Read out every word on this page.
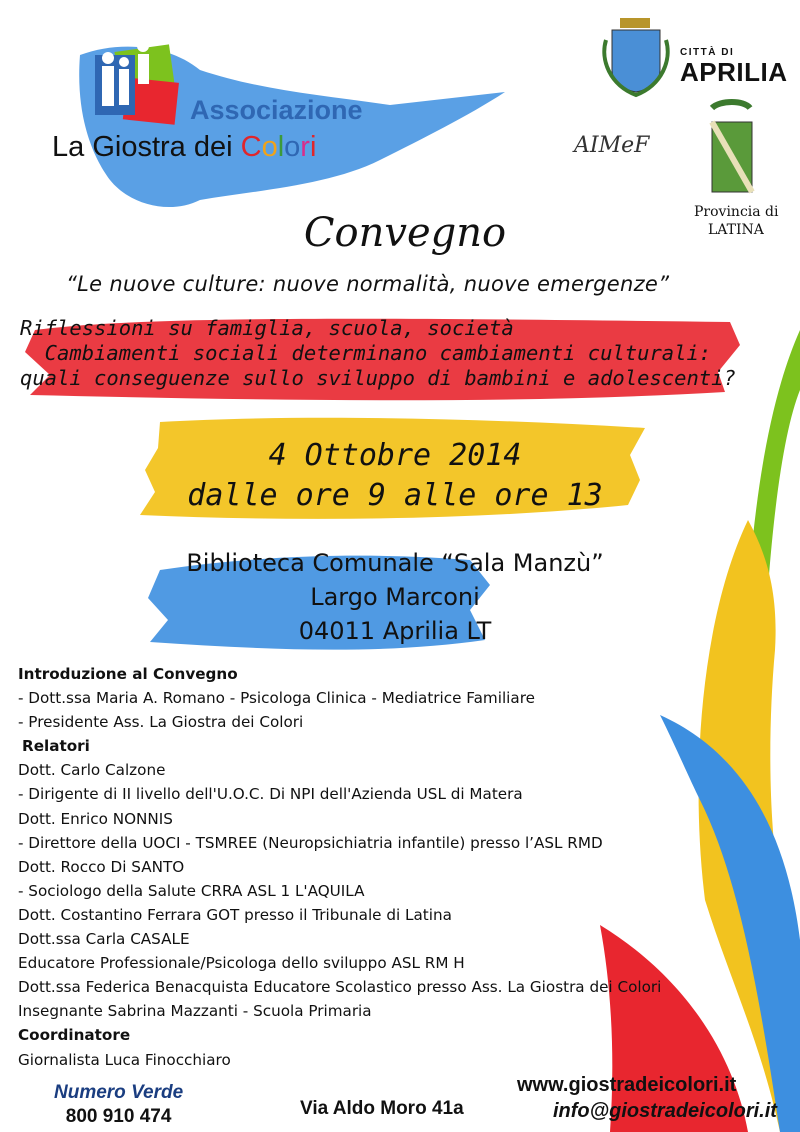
Associazione
La Giostra dei Colori
CITTÀ DI
APRILIA
AIMeF
Provincia di
LATINA
Convegno
“Le nuove culture: nuove normalità, nuove emergenze”
Riflessioni su famiglia, scuola, società
Cambiamenti sociali determinano cambiamenti culturali:
quali conseguenze sullo sviluppo di bambini e adolescenti?
4 Ottobre 2014
dalle ore 9 alle ore 13
Biblioteca Comunale “Sala Manzù”
Largo Marconi
04011 Aprilia LT
Introduzione al Convegno
- Dott.ssa Maria A. Romano - Psicologa Clinica - Mediatrice Familiare
- Presidente Ass. La Giostra dei Colori
Relatori
Dott. Carlo Calzone
- Dirigente di II livello dell'U.O.C. Di NPI dell'Azienda USL di Matera
Dott. Enrico NONNIS
- Direttore della UOCI - TSMREE (Neuropsichiatria infantile) presso l’ASL RMD
Dott. Rocco Di SANTO
- Sociologo della Salute CRRA ASL 1 L'AQUILA
Dott. Costantino Ferrara GOT presso il Tribunale di Latina
Dott.ssa Carla CASALE
Educatore Professionale/Psicologa dello sviluppo ASL RM H
Dott.ssa Federica Benacquista Educatore Scolastico presso Ass. La Giostra dei Colori
Insegnante Sabrina Mazzanti - Scuola Primaria
Coordinatore
Giornalista Luca Finocchiaro
Numero Verde
800 910 474	Via Aldo Moro 41a
www.giostradeicolori.it
info@giostradeicolori.it
